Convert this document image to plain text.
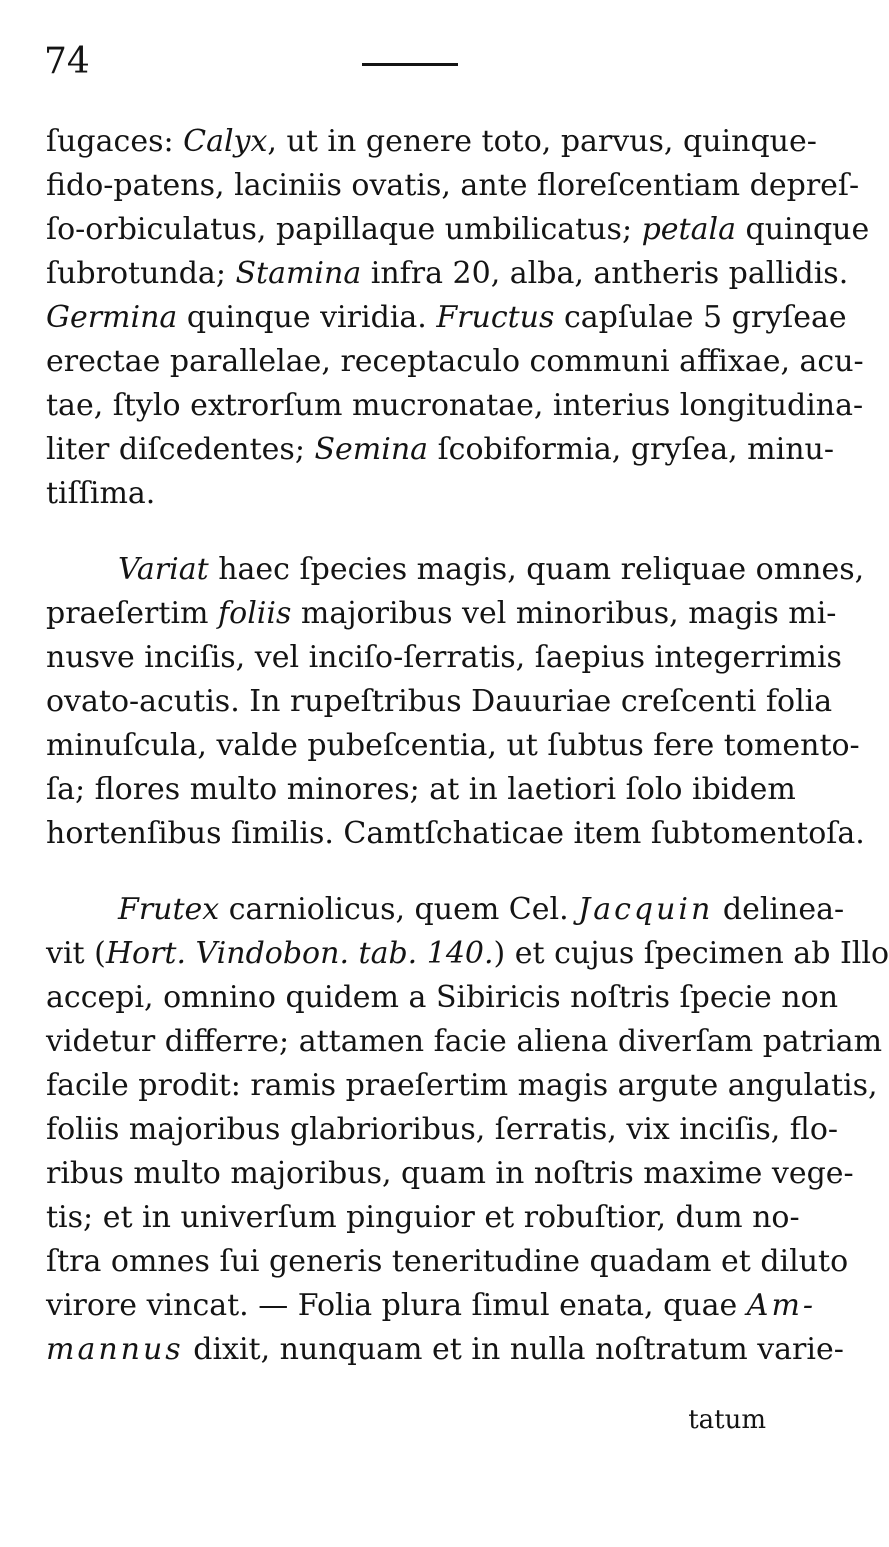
74
ſugaces: Calyx, ut in genere toto, parvus, quinque-
fido-patens, laciniis ovatis, ante floreſcentiam depreſ-
ſo-orbiculatus, papillaque umbilicatus; petala quinque
ſubrotunda; Stamina infra 20, alba, antheris pallidis.
Germina quinque viridia. Fructus capſulae 5 gryſeae
erectae parallelae, receptaculo communi affixae, acu-
tae, ſtylo extrorſum mucronatae, interius longitudina-
liter diſcedentes; Semina ſcobiformia, gryſea, minu-
tiſſima.
Variat haec ſpecies magis, quam reliquae omnes,
praeſertim foliis majoribus vel minoribus, magis mi-
nusve inciſis, vel inciſo-ſerratis, ſaepius integerrimis
ovato-acutis. In rupeſtribus Dauuriae creſcenti folia
minuſcula, valde pubeſcentia, ut ſubtus fere tomento-
ſa; flores multo minores; at in laetiori ſolo ibidem
hortenſibus ſimilis. Camtſchaticae item ſubtomentoſa.
Frutex carniolicus, quem Cel. Jacquin delinea-
vit (Hort. Vindobon. tab. 140.) et cujus ſpecimen ab Illo
accepi, omnino quidem a Sibiricis noſtris ſpecie non
videtur differre; attamen facie aliena diverſam patriam
facile prodit: ramis praeſertim magis argute angulatis,
foliis majoribus glabrioribus, ſerratis, vix inciſis, flo-
ribus multo majoribus, quam in noſtris maxime vege-
tis; et in univerſum pinguior et robuſtior, dum no-
ſtra omnes ſui generis teneritudine quadam et diluto
virore vincat. — Folia plura ſimul enata, quae Am-
mannus dixit, nunquam et in nulla noſtratum varie-
tatum
